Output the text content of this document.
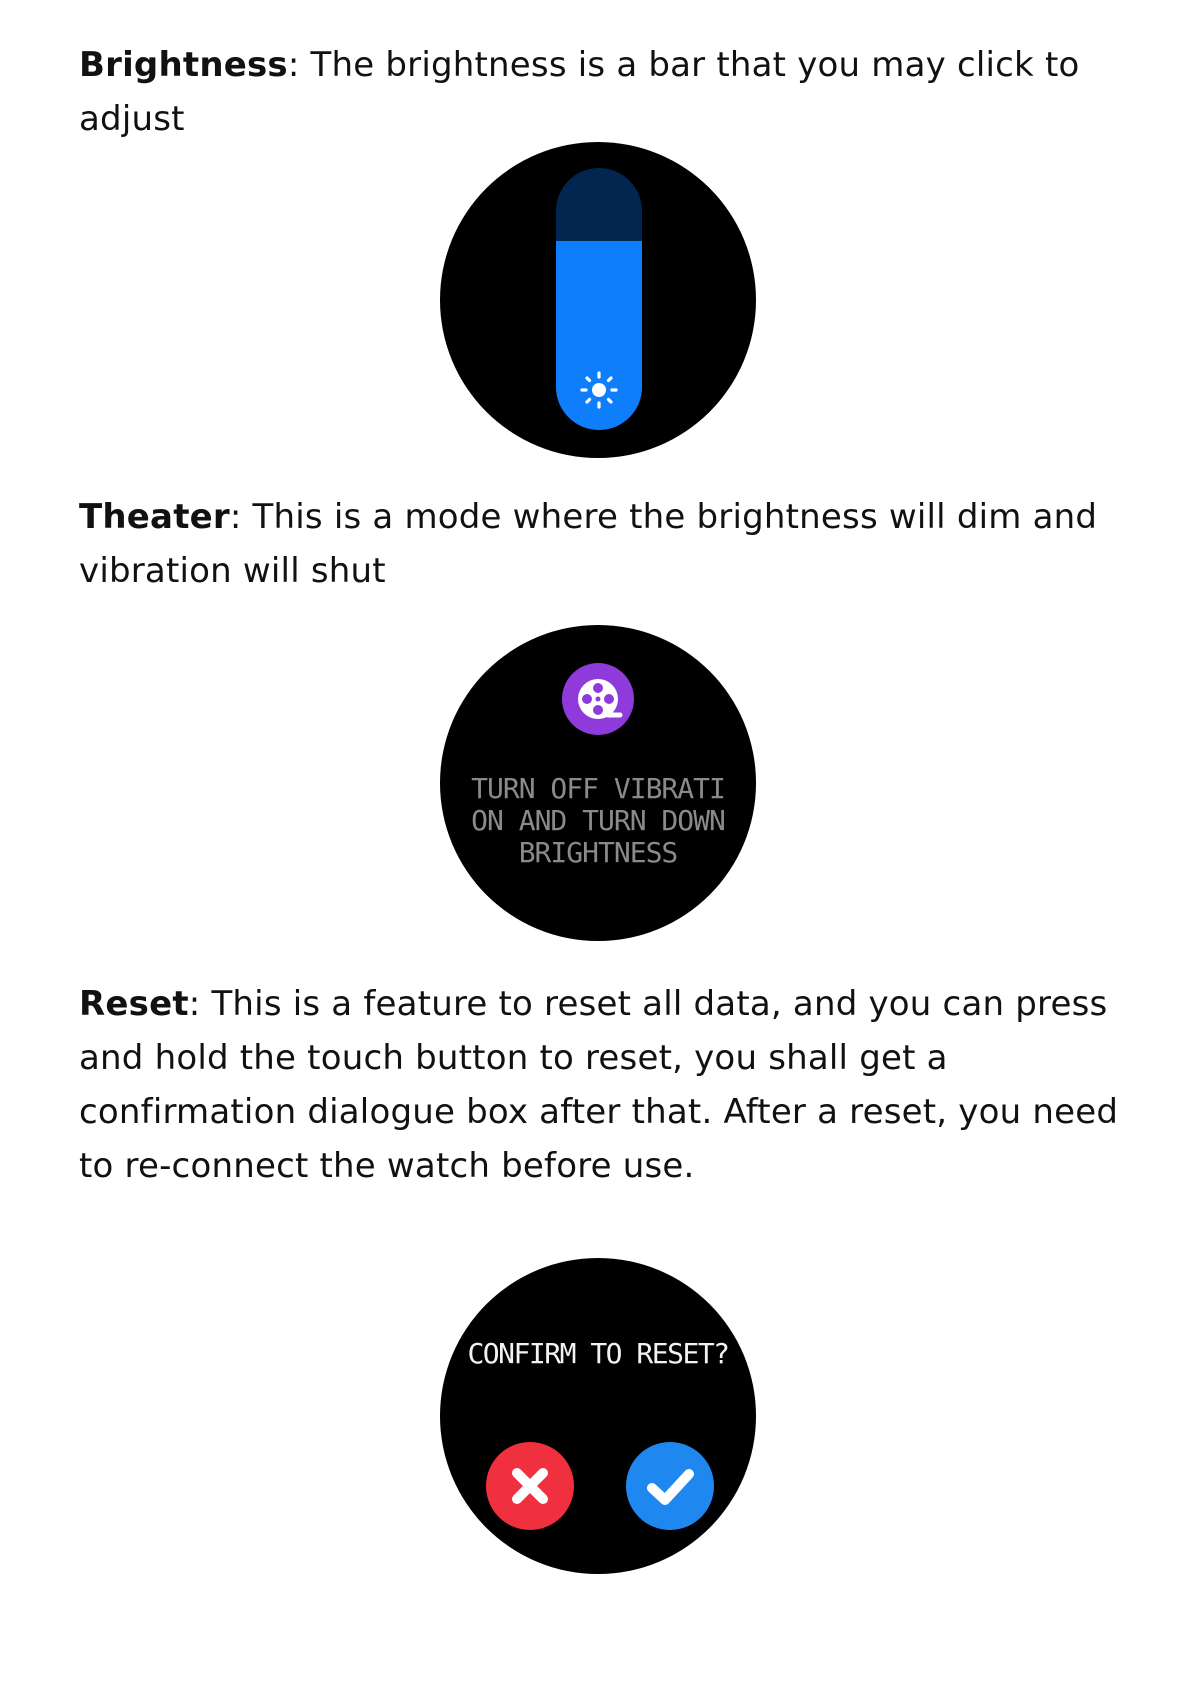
Brightness: The brightness is a bar that you may click to adjust

Theater: This is a mode where the brightness will dim and vibration will shut

TURN OFF VIBRATI
ON AND TURN DOWN
BRIGHTNESS

Reset: This is a feature to reset all data, and you can press and hold the touch button to reset, you shall get a confirmation dialogue box after that. After a reset, you need to re-connect the watch before use.

CONFIRM TO RESET?
